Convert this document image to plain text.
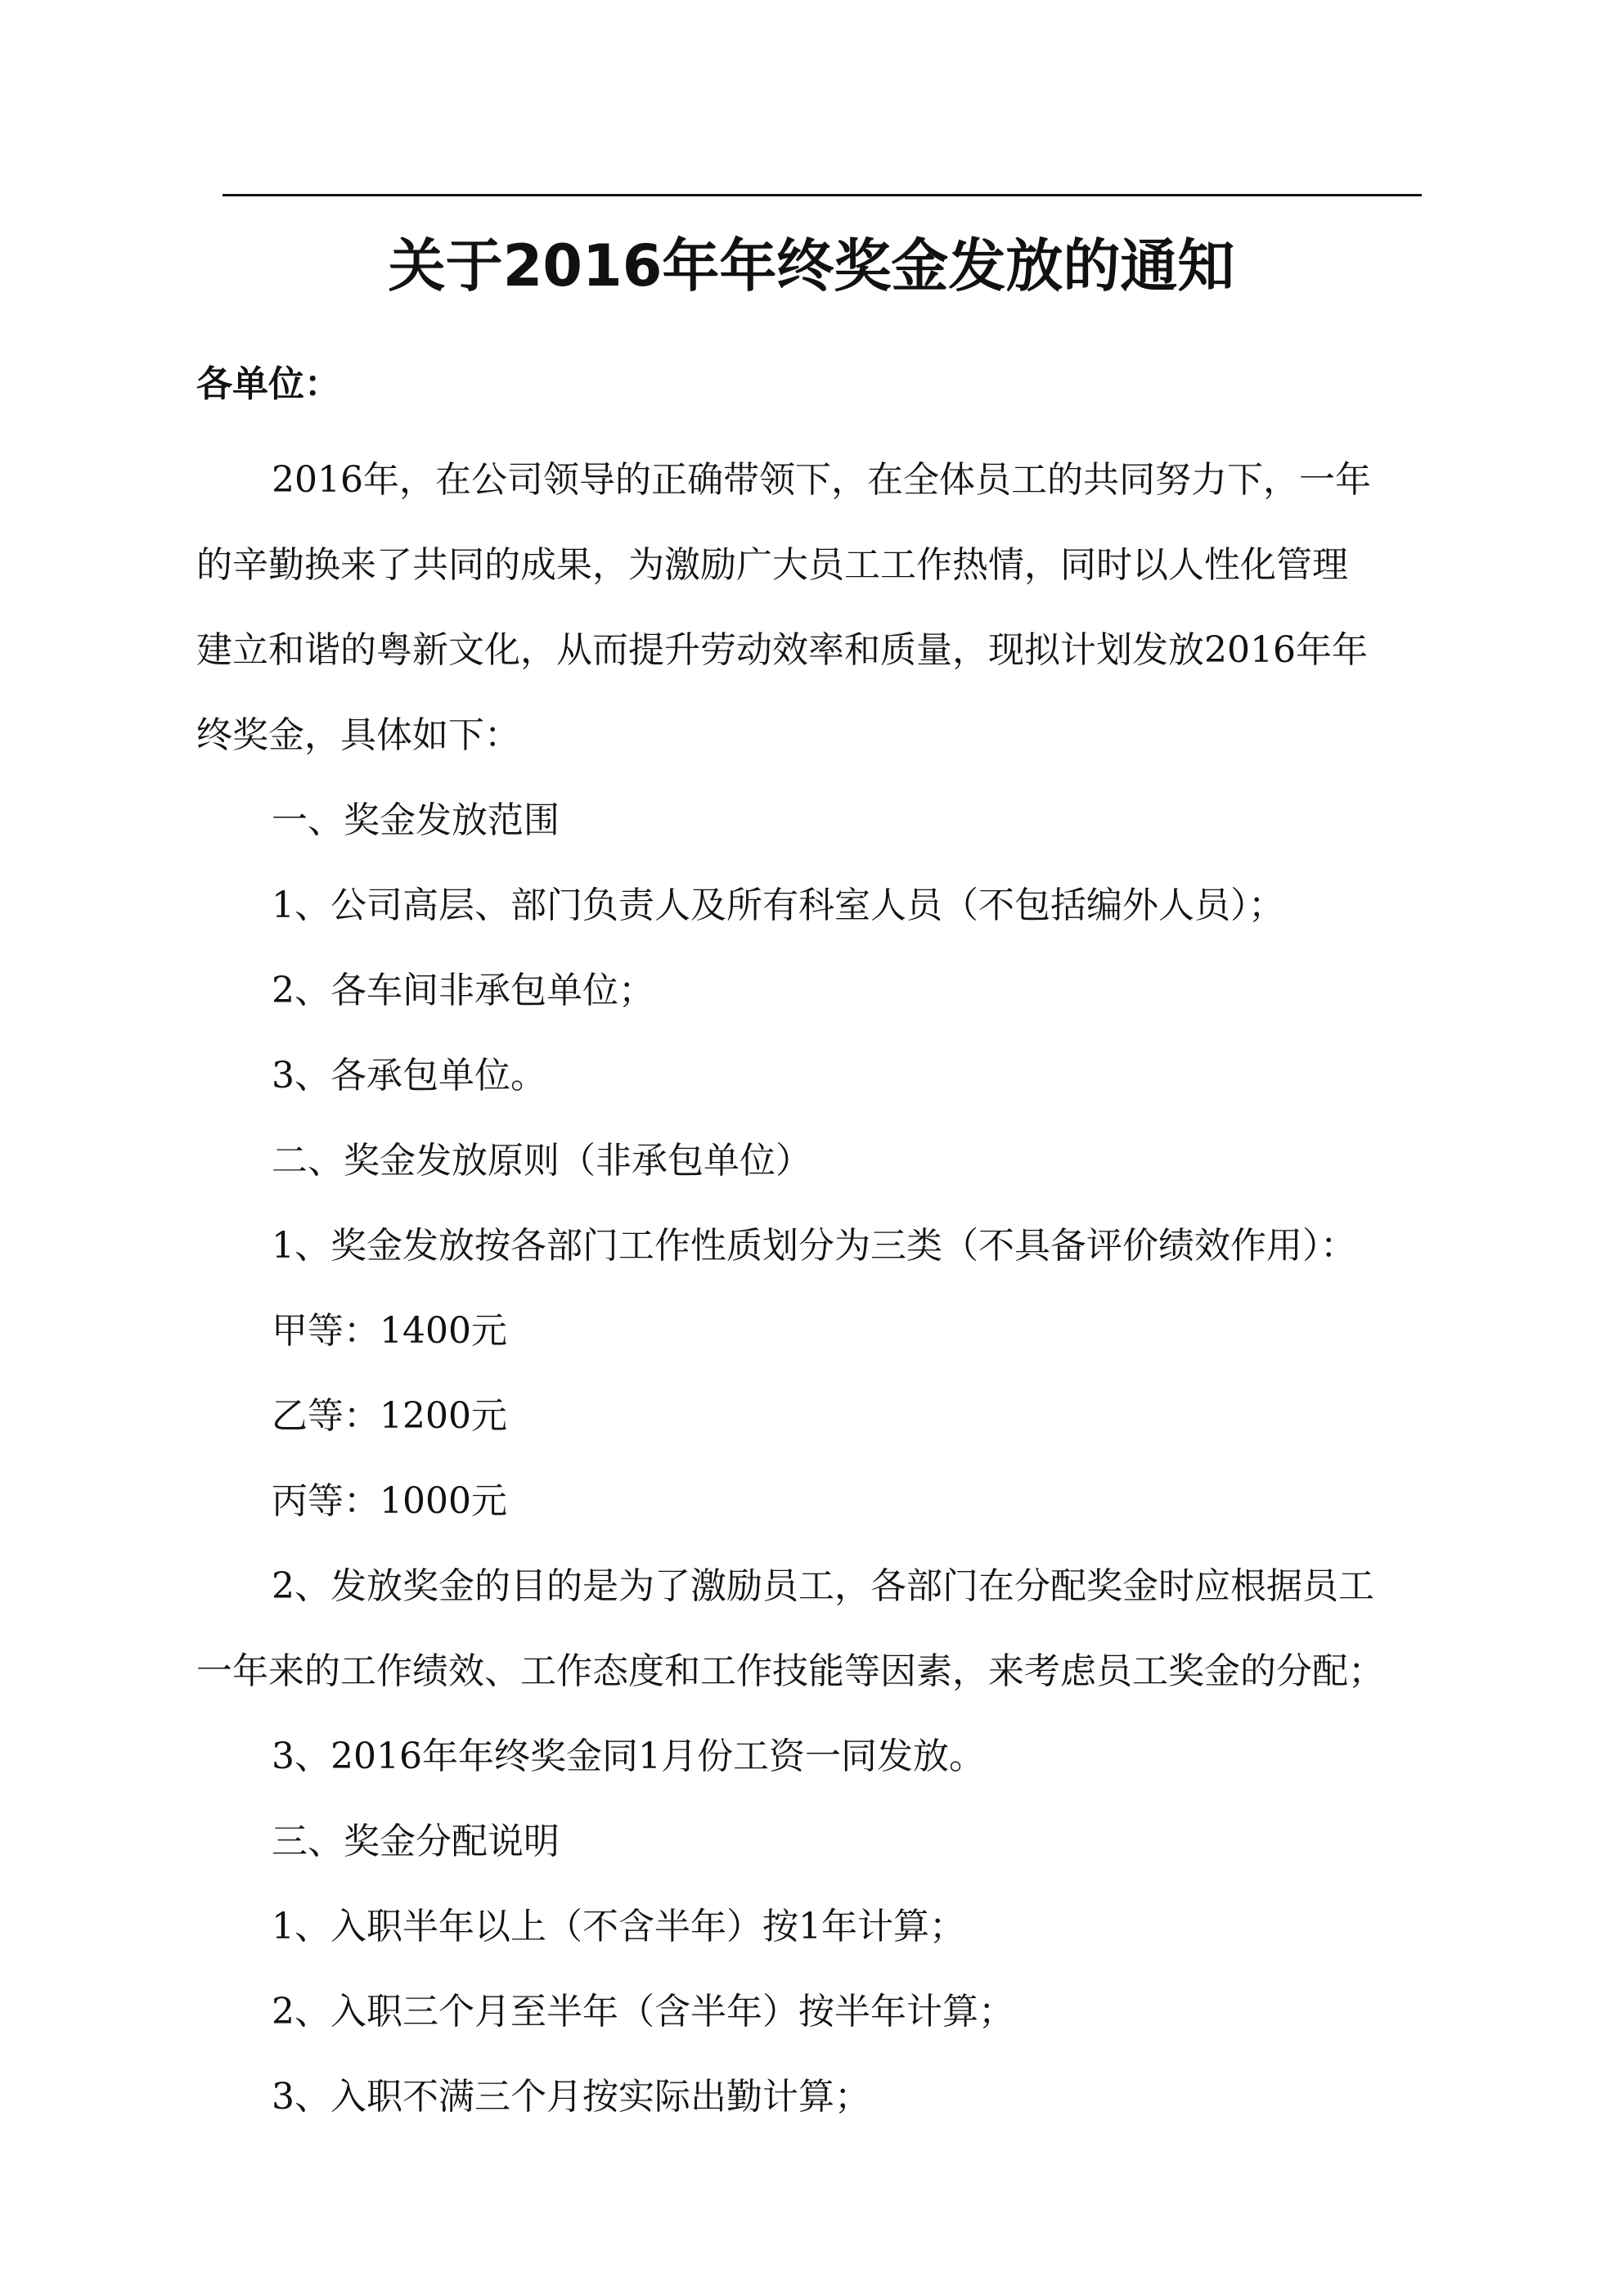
关于2016年年终奖金发放的通知
各单位：
2016年，在公司领导的正确带领下，在全体员工的共同努力下，一年
的辛勤换来了共同的成果，为激励广大员工工作热情，同时以人性化管理
建立和谐的粤新文化，从而提升劳动效率和质量，现拟计划发放2016年年
终奖金，具体如下：
一、奖金发放范围
1、公司高层、部门负责人及所有科室人员（不包括编外人员）；
2、各车间非承包单位；
3、各承包单位。
二、奖金发放原则（非承包单位）
1、奖金发放按各部门工作性质划分为三类（不具备评价绩效作用）：
甲等：1400元
乙等：1200元
丙等：1000元
2、发放奖金的目的是为了激励员工，各部门在分配奖金时应根据员工
一年来的工作绩效、工作态度和工作技能等因素，来考虑员工奖金的分配；
3、2016年年终奖金同1月份工资一同发放。
三、奖金分配说明
1、入职半年以上（不含半年）按1年计算；
2、入职三个月至半年（含半年）按半年计算；
3、入职不满三个月按实际出勤计算；
